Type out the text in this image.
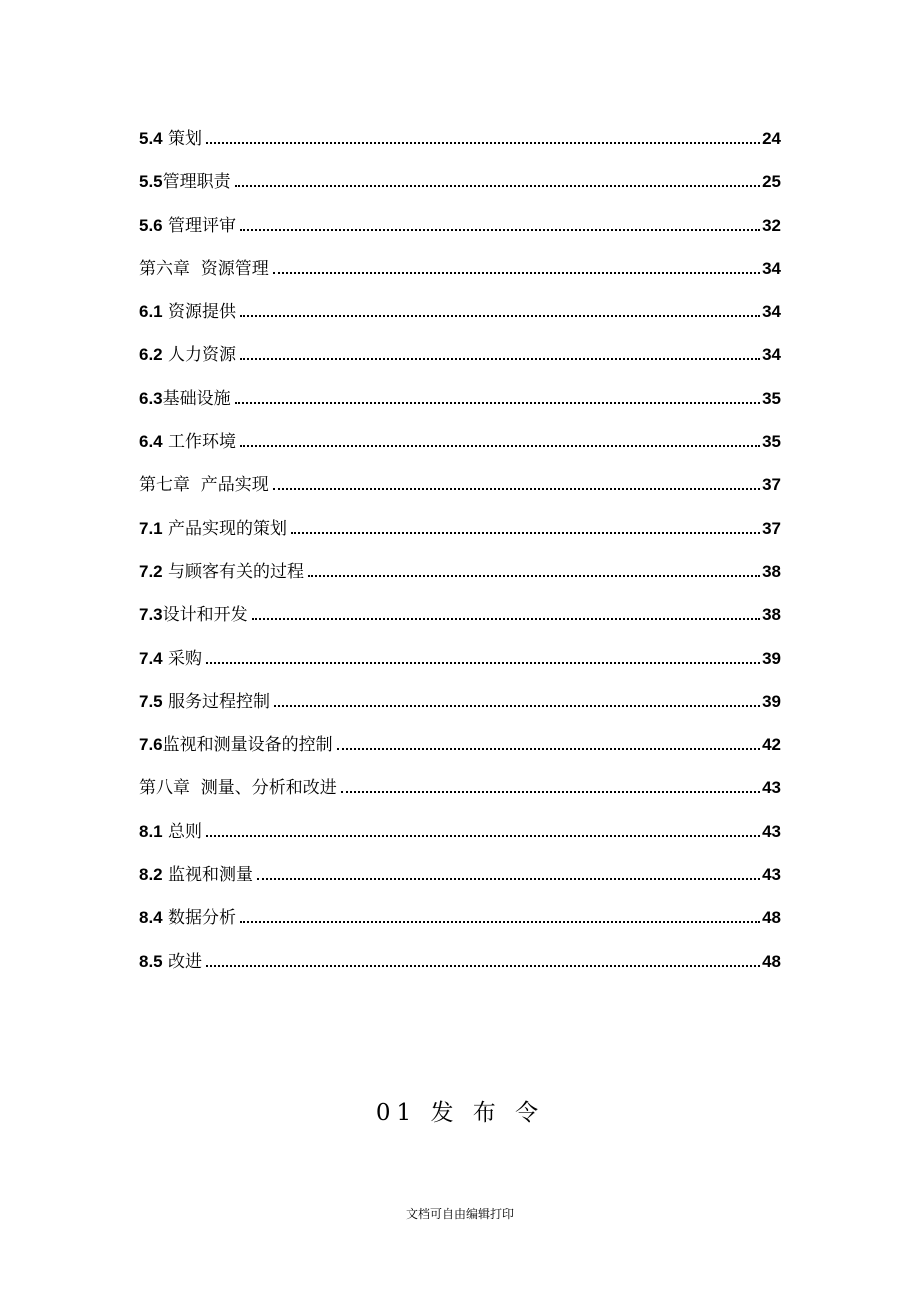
5.4 策划	24
5.5管理职责	25
5.6 管理评审	32
第六章  资源管理	34
6.1 资源提供	34
6.2 人力资源	34
6.3基础设施	35
6.4 工作环境	35
第七章  产品实现	37
7.1 产品实现的策划	37
7.2 与顾客有关的过程	38
7.3设计和开发	38
7.4 采购	39
7.5 服务过程控制	39
7.6监视和测量设备的控制	42
第八章  测量、分析和改进	43
8.1 总则	43
8.2 监视和测量	43
8.4 数据分析	48
8.5 改进	48
01 发 布 令
文档可自由编辑打印
